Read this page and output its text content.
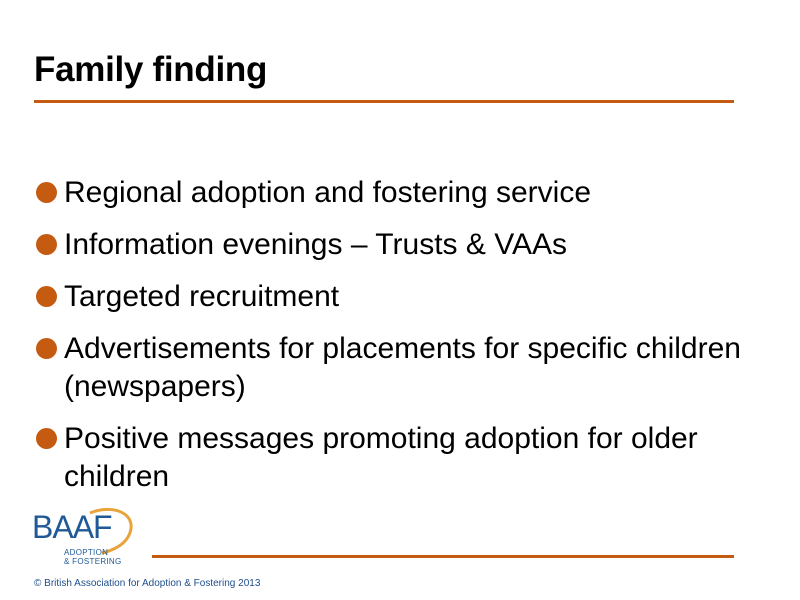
Family finding
Regional adoption and fostering service
Information evenings – Trusts & VAAs
Targeted recruitment
Advertisements for placements for specific children (newspapers)
Positive messages promoting adoption for older children
BAAF
ADOPTION
& FOSTERING
© British Association for Adoption & Fostering 2013
